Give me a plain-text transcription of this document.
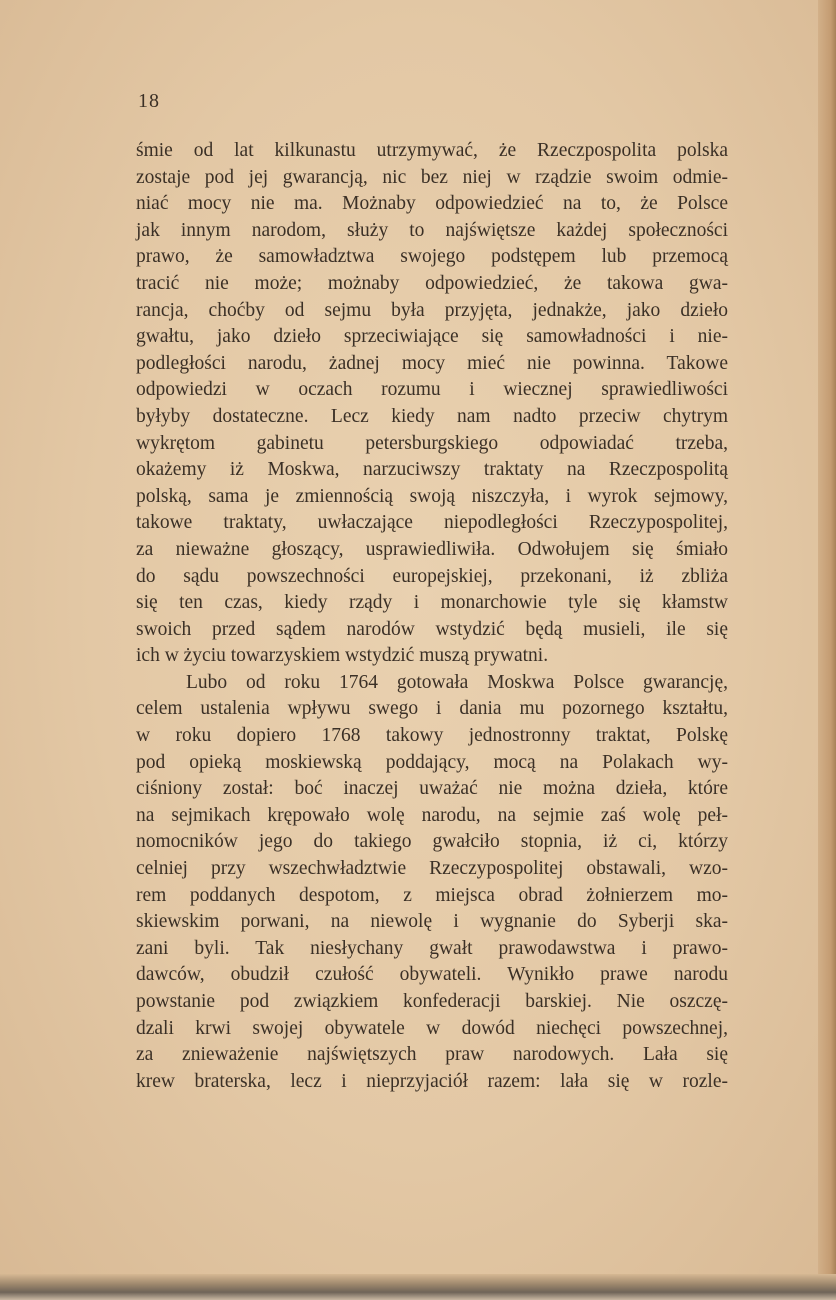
18
śmie od lat kilkunastu utrzymywać, że Rzeczpospolita polska
zostaje pod jej gwarancją, nic bez niej w rządzie swoim odmie-
niać mocy nie ma. Możnaby odpowiedzieć na to, że Polsce
jak innym narodom, służy to najświętsze każdej społeczności
prawo, że samowładztwa swojego podstępem lub przemocą
tracić nie może; możnaby odpowiedzieć, że takowa gwa-
rancja, choćby od sejmu była przyjęta, jednakże, jako dzieło
gwałtu, jako dzieło sprzeciwiające się samowładności i nie-
podległości narodu, żadnej mocy mieć nie powinna. Takowe
odpowiedzi w oczach rozumu i wiecznej sprawiedliwości
byłyby dostateczne. Lecz kiedy nam nadto przeciw chytrym
wykrętom gabinetu petersburgskiego odpowiadać trzeba,
okażemy iż Moskwa, narzuciwszy traktaty na Rzeczpospolitą
polską, sama je zmiennością swoją niszczyła, i wyrok sejmowy,
takowe traktaty, uwłaczające niepodległości Rzeczypospolitej,
za nieważne głoszący, usprawiedliwiła. Odwołujem się śmiało
do sądu powszechności europejskiej, przekonani, iż zbliża
się ten czas, kiedy rządy i monarchowie tyle się kłamstw
swoich przed sądem narodów wstydzić będą musieli, ile się
ich w życiu towarzyskiem wstydzić muszą prywatni.
Lubo od roku 1764 gotowała Moskwa Polsce gwarancję,
celem ustalenia wpływu swego i dania mu pozornego kształtu,
w roku dopiero 1768 takowy jednostronny traktat, Polskę
pod opieką moskiewską poddający, mocą na Polakach wy-
ciśniony został: boć inaczej uważać nie można dzieła, które
na sejmikach krępowało wolę narodu, na sejmie zaś wolę peł-
nomocników jego do takiego gwałciło stopnia, iż ci, którzy
celniej przy wszechwładztwie Rzeczypospolitej obstawali, wzo-
rem poddanych despotom, z miejsca obrad żołnierzem mo-
skiewskim porwani, na niewolę i wygnanie do Syberji ska-
zani byli. Tak niesłychany gwałt prawodawstwa i prawo-
dawców, obudził czułość obywateli. Wynikło prawe narodu
powstanie pod związkiem konfederacji barskiej. Nie oszczę-
dzali krwi swojej obywatele w dowód niechęci powszechnej,
za znieważenie najświętszych praw narodowych. Lała się
krew braterska, lecz i nieprzyjaciół razem: lała się w rozle-
